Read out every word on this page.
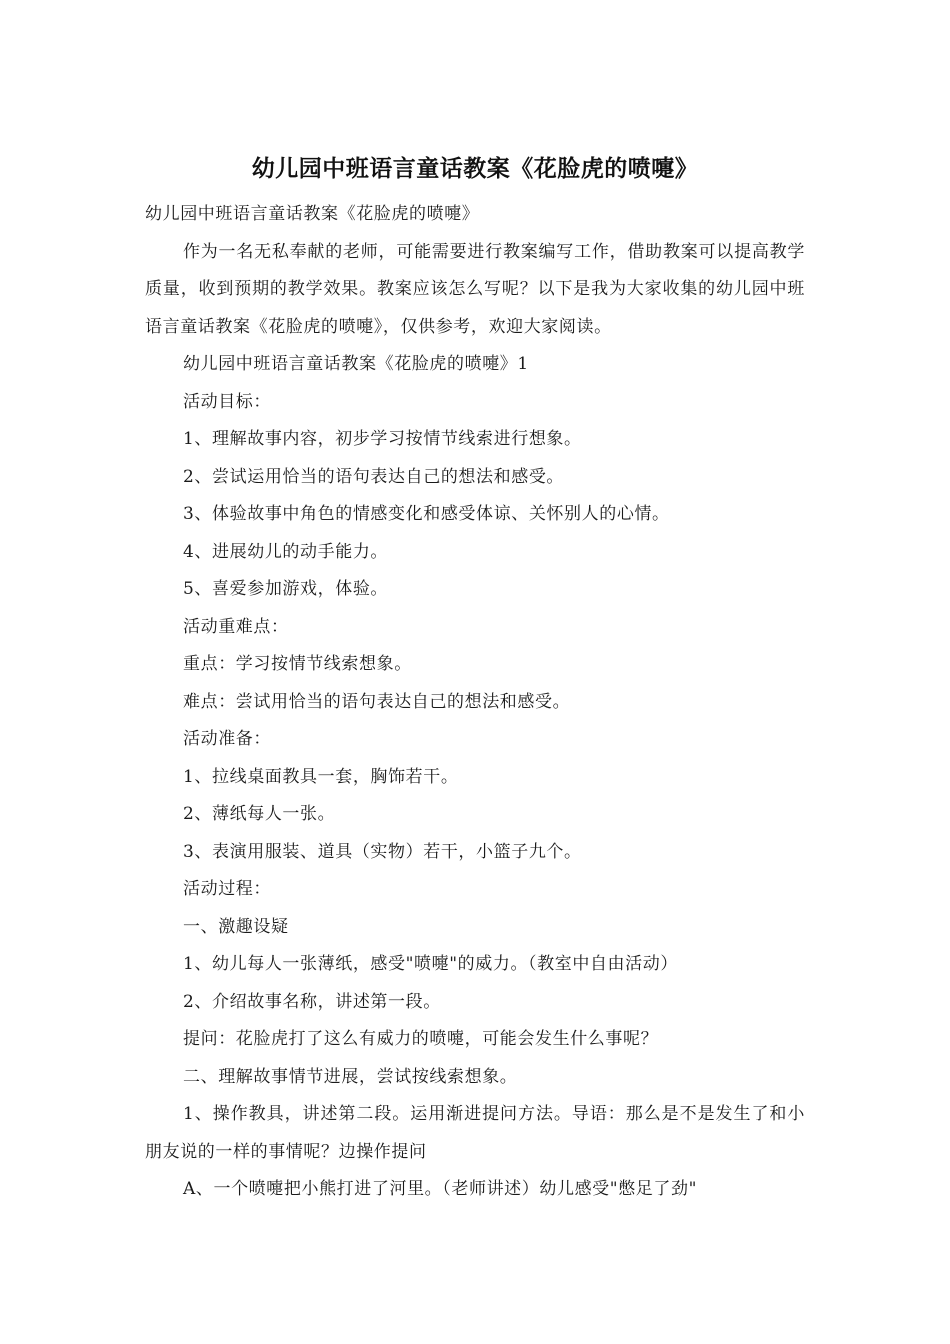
幼儿园中班语言童话教案《花脸虎的喷嚏》

幼儿园中班语言童话教案《花脸虎的喷嚏》

作为一名无私奉献的老师，可能需要进行教案编写工作，借助教案可以提高教学质量，收到预期的教学效果。教案应该怎么写呢？以下是我为大家收集的幼儿园中班语言童话教案《花脸虎的喷嚏》，仅供参考，欢迎大家阅读。

幼儿园中班语言童话教案《花脸虎的喷嚏》1

活动目标：

1、理解故事内容，初步学习按情节线索进行想象。

2、尝试运用恰当的语句表达自己的想法和感受。

3、体验故事中角色的情感变化和感受体谅、关怀别人的心情。

4、进展幼儿的动手能力。

5、喜爱参加游戏，体验。

活动重难点：

重点：学习按情节线索想象。

难点：尝试用恰当的语句表达自己的想法和感受。

活动准备：

1、拉线桌面教具一套，胸饰若干。

2、薄纸每人一张。

3、表演用服装、道具（实物）若干，小篮子九个。

活动过程：

一、激趣设疑

1、幼儿每人一张薄纸，感受"喷嚏"的威力。（教室中自由活动）

2、介绍故事名称，讲述第一段。

提问：花脸虎打了这么有威力的喷嚏，可能会发生什么事呢？

二、理解故事情节进展，尝试按线索想象。

1、操作教具，讲述第二段。运用渐进提问方法。导语：那么是不是发生了和小朋友说的一样的事情呢？边操作提问

A、一个喷嚏把小熊打进了河里。（老师讲述）幼儿感受"憋足了劲"
